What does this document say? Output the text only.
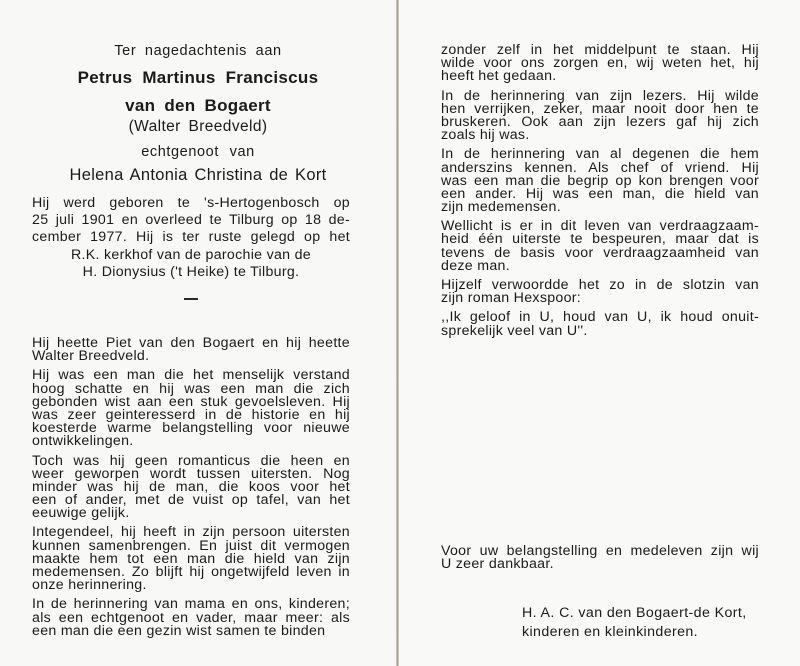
Ter nagedachtenis aan
Petrus Martinus Franciscus
van den Bogaert
(Walter Breedveld)
echtgenoot van
Helena Antonia Christina de Kort
Hij werd geboren te 's-Hertogenbosch op
25 juli 1901 en overleed te Tilburg op 18 de-
cember 1977. Hij is ter ruste gelegd op het
R.K. kerkhof van de parochie van de
H. Dionysius ('t Heike) te Tilburg.
Hij heette Piet van den Bogaert en hij heette
Walter Breedveld.
Hij was een man die het menselijk verstand
hoog schatte en hij was een man die zich
gebonden wist aan een stuk gevoelsleven. Hij
was zeer geinteresserd in de historie en hij
koesterde warme belangstelling voor nieuwe
ontwikkelingen.
Toch was hij geen romanticus die heen en
weer geworpen wordt tussen uitersten. Nog
minder was hij de man, die koos voor het
een of ander, met de vuist op tafel, van het
eeuwige gelijk.
Integendeel, hij heeft in zijn persoon uitersten
kunnen samenbrengen. En juist dit vermogen
maakte hem tot een man die hield van zijn
medemensen. Zo blijft hij ongetwijfeld leven in
onze herinnering.
In de herinnering van mama en ons, kinderen;
als een echtgenoot en vader, maar meer: als
een man die een gezin wist samen te binden
zonder zelf in het middelpunt te staan. Hij
wilde voor ons zorgen en, wij weten het, hij
heeft het gedaan.
In de herinnering van zijn lezers. Hij wilde
hen verrijken, zeker, maar nooit door hen te
bruskeren. Ook aan zijn lezers gaf hij zich
zoals hij was.
In de herinnering van al degenen die hem
anderszins kennen. Als chef of vriend. Hij
was een man die begrip op kon brengen voor
een ander. Hij was een man, die hield van
zijn medemensen.
Wellicht is er in dit leven van verdraagzaam-
heid één uiterste te bespeuren, maar dat is
tevens de basis voor verdraagzaamheid van
deze man.
Hijzelf verwoordde het zo in de slotzin van
zijn roman Hexspoor:
,,Ik geloof in U, houd van U, ik houd onuit-
sprekelijk veel van U''.
Voor uw belangstelling en medeleven zijn wij
U zeer dankbaar.
H. A. C. van den Bogaert-de Kort,
kinderen en kleinkinderen.
